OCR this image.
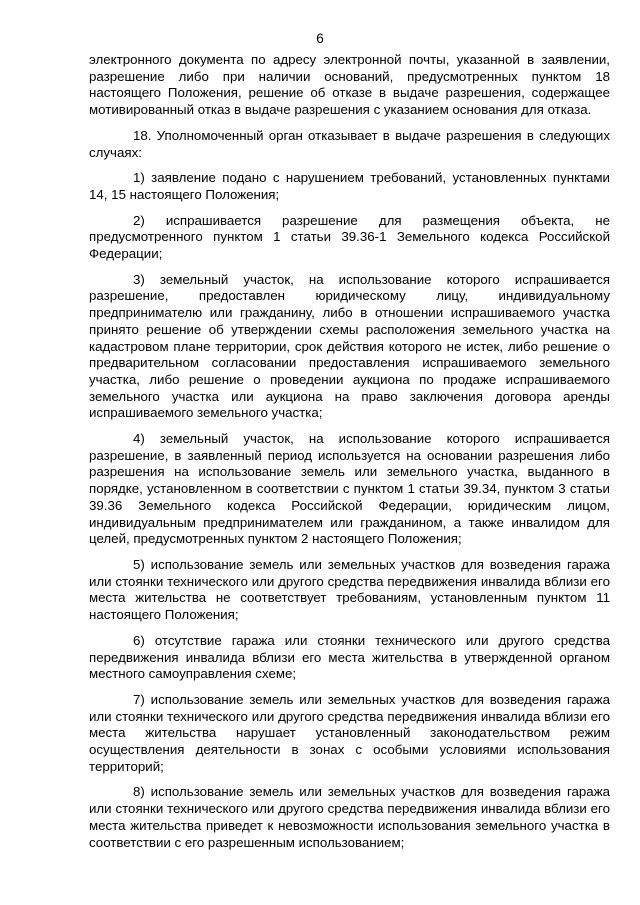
6

электронного документа по адресу электронной почты, указанной в заявлении, разрешение либо при наличии оснований, предусмотренных пунктом 18 настоящего Положения, решение об отказе в выдаче разрешения, содержащее мотивированный отказ в выдаче разрешения с указанием основания для отказа.

18. Уполномоченный орган отказывает в выдаче разрешения в следующих случаях:

1) заявление подано с нарушением требований, установленных пунктами 14, 15 настоящего Положения;

2) испрашивается разрешение для размещения объекта, не предусмотренного пунктом 1 статьи 39.36-1 Земельного кодекса Российской Федерации;

3) земельный участок, на использование которого испрашивается разрешение, предоставлен юридическому лицу, индивидуальному предпринимателю или гражданину, либо в отношении испрашиваемого участка принято решение об утверждении схемы расположения земельного участка на кадастровом плане территории, срок действия которого не истек, либо решение о предварительном согласовании предоставления испрашиваемого земельного участка, либо решение о проведении аукциона по продаже испрашиваемого земельного участка или аукциона на право заключения договора аренды испрашиваемого земельного участка;

4) земельный участок, на использование которого испрашивается разрешение, в заявленный период используется на основании разрешения либо разрешения на использование земель или земельного участка, выданного в порядке, установленном в соответствии с пунктом 1 статьи 39.34, пунктом 3 статьи 39.36 Земельного кодекса Российской Федерации, юридическим лицом, индивидуальным предпринимателем или гражданином, а также инвалидом для целей, предусмотренных пунктом 2 настоящего Положения;

5) использование земель или земельных участков для возведения гаража или стоянки технического или другого средства передвижения инвалида вблизи его места жительства не соответствует требованиям, установленным пунктом 11 настоящего Положения;

6) отсутствие гаража или стоянки технического или другого средства передвижения инвалида вблизи его места жительства в утвержденной органом местного самоуправления схеме;

7) использование земель или земельных участков для возведения гаража или стоянки технического или другого средства передвижения инвалида вблизи его места жительства нарушает установленный законодательством режим осуществления деятельности в зонах с особыми условиями использования территорий;

8) использование земель или земельных участков для возведения гаража или стоянки технического или другого средства передвижения инвалида вблизи его места жительства приведет к невозможности использования земельного участка в соответствии с его разрешенным использованием;
